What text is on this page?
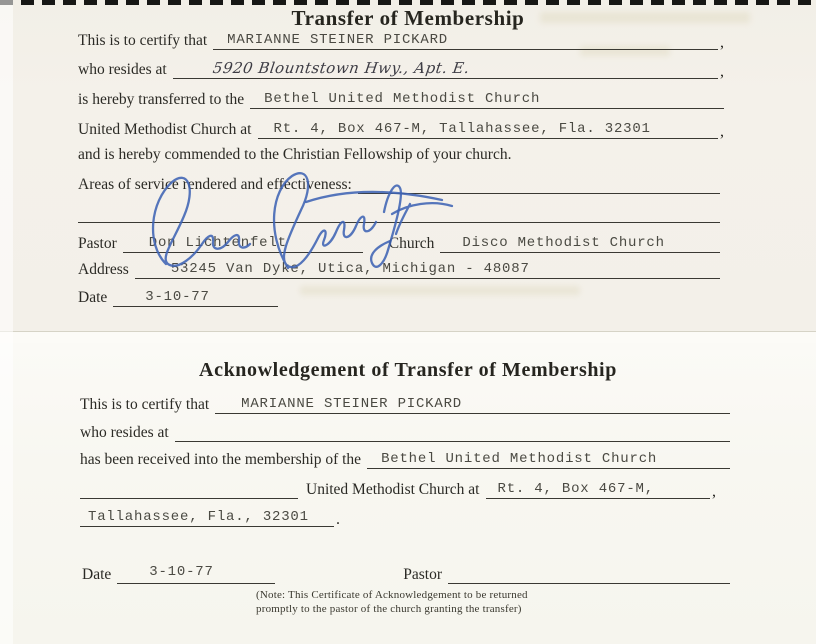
Transfer of Membership
This is to certify that	MARIANNE STEINER PICKARD	,
who resides at	5920 Blountstown Hwy., Apt. E.	,
is hereby transferred to the	Bethel United Methodist Church
United Methodist Church at	Rt. 4, Box 467-M, Tallahassee, Fla. 32301	,
and is hereby commended to the Christian Fellowship of your church.
Areas of service rendered and effectiveness:
Pastor	Don Lichtenfelt	Church	Disco Methodist Church
Address	53245 Van Dyke, Utica, Michigan - 48087
Date	3-10-77
Acknowledgement of Transfer of Membership
This is to certify that	MARIANNE STEINER PICKARD
who resides at
has been received into the membership of the	Bethel United Methodist Church
United Methodist Church at	Rt. 4, Box 467-M,	,
Tallahassee, Fla., 32301 .
Date	3-10-77	Pastor
(Note: This Certificate of Acknowledgement to be returned
promptly to the pastor of the church granting the transfer)
